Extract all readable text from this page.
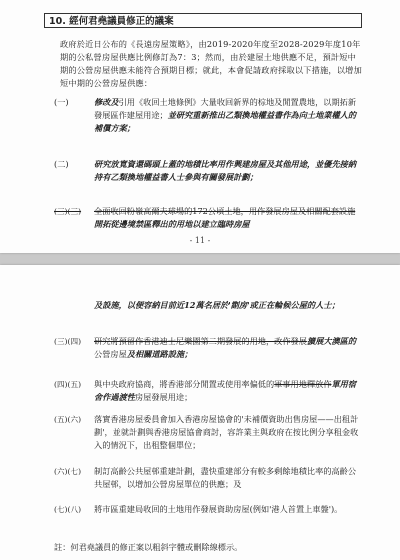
10. 經何君堯議員修正的議案
政府於近日公布的《長遠房屋策略》，由2019-2020年度至2028-2029年度10年期的公私營房屋供應比例修訂為7：3；然而，由於建屋土地供應不足，預計短中期的公營房屋供應未能符合預期目標；就此，本會促請政府採取以下措施，以增加短中期的公營房屋供應：
(一)	修改及引用《收回土地條例》大量收回新界的棕地及閒置農地，以期拓新發展區作建屋用途；並研究重新推出乙類換地權益書作為向土地業權人的補償方案；
(二)	研究放寬資還碼頭上蓋的地積比率用作興建房屋及其他用途，並優先接納持有乙類換地權益書人士參與有關發展計劃；
(三)(三)	全面收回粉嶺高爾夫球場的172公頃土地，用作發展房屋及相關配套設施開拓從邊境禁區釋出的用地以建立臨時房屋
- 11 -
及設施，以便容納目前近12萬名居於'劏房'或正在輪候公屋的人士；
(三)(四)	研究將預留作香港迪士尼樂園第二期發展的用地，改作發展擴展大澳區的公營房屋及相關道路設施；
(四)(五)	與中央政府協商，將香港部分閒置或使用率偏低的軍事用地釋放作軍用宿舍作過渡性房屋發展用途；
(五)(六)	落實香港房屋委員會加入香港房屋協會的'未補價資助出售房屋——出租計劃'，並就計劃與香港房屋協會商討，容許業主與政府在按比例分享租金收入的情況下，出租整個單位；
(六)(七)	制訂高齡公共屋邨重建計劃，盡快重建部分有較多剩餘地積比率的高齡公共屋邨，以增加公營房屋單位的供應；及
(七)(八)	將市區重建局收回的土地用作發展資助房屋(例如'港人首置上車盤')。
註：何君堯議員的修正案以粗斜字體或刪除線標示。
